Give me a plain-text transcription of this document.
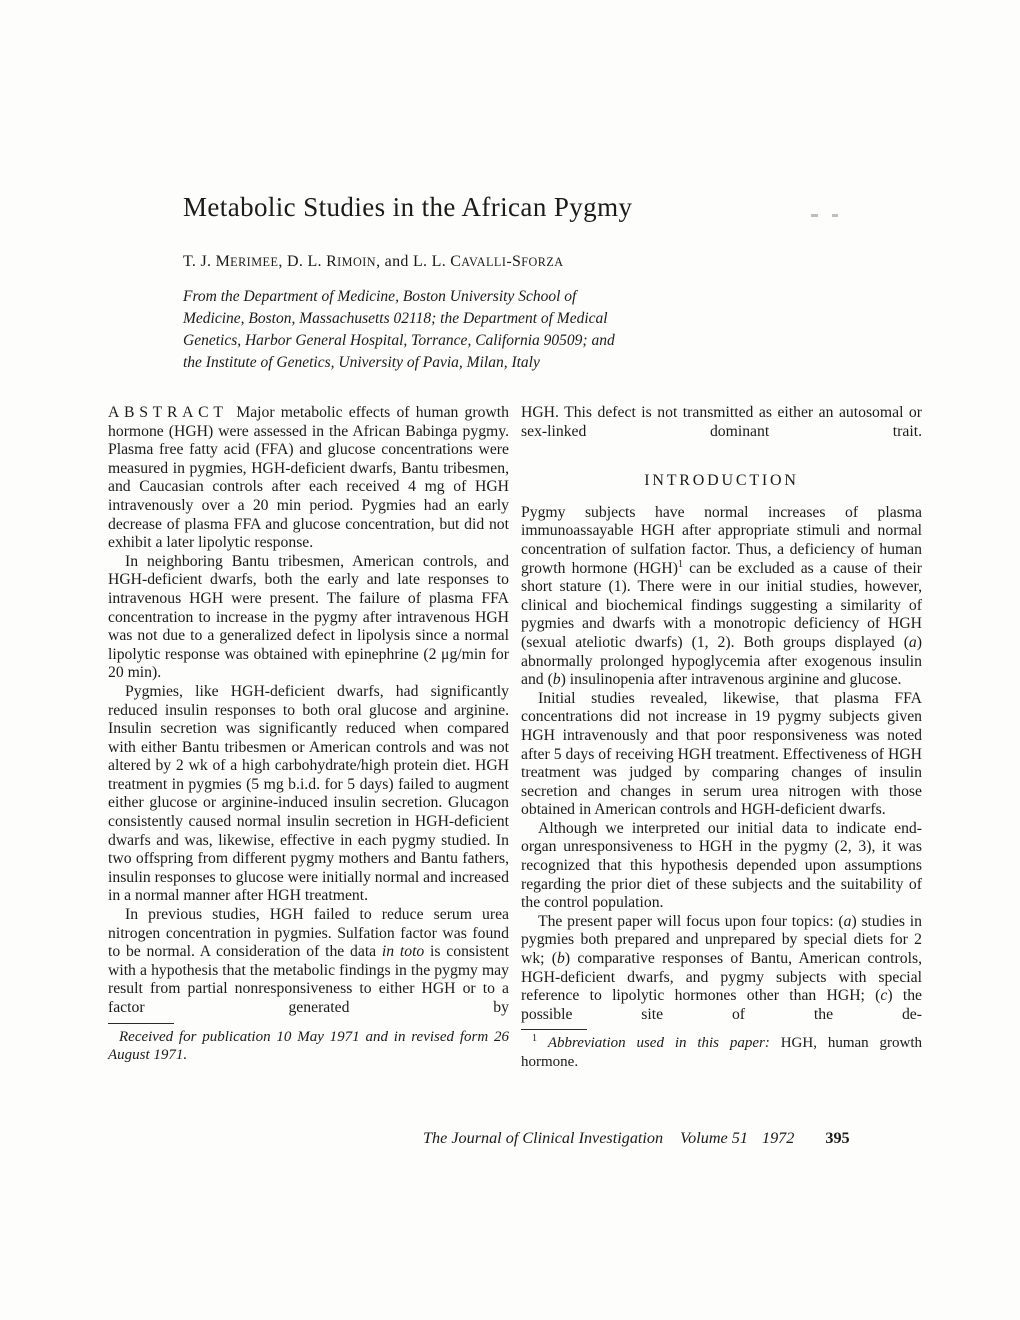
Metabolic Studies in the African Pygmy
T. J. MERIMEE, D. L. RIMOIN, and L. L. CAVALLI-SFORZA
From the Department of Medicine, Boston University School of Medicine, Boston, Massachusetts 02118; the Department of Medical Genetics, Harbor General Hospital, Torrance, California 90509; and the Institute of Genetics, University of Pavia, Milan, Italy

ABSTRACT Major metabolic effects of human growth hormone (HGH) were assessed in the African Babinga pygmy. Plasma free fatty acid (FFA) and glucose concentrations were measured in pygmies, HGH-deficient dwarfs, Bantu tribesmen, and Caucasian controls after each received 4 mg of HGH intravenously over a 20 min period. Pygmies had an early decrease of plasma FFA and glucose concentration, but did not exhibit a later lipolytic response.

In neighboring Bantu tribesmen, American controls, and HGH-deficient dwarfs, both the early and late responses to intravenous HGH were present. The failure of plasma FFA concentration to increase in the pygmy after intravenous HGH was not due to a generalized defect in lipolysis since a normal lipolytic response was obtained with epinephrine (2 μg/min for 20 min).

Pygmies, like HGH-deficient dwarfs, had significantly reduced insulin responses to both oral glucose and arginine. Insulin secretion was significantly reduced when compared with either Bantu tribesmen or American controls and was not altered by 2 wk of a high carbohydrate/high protein diet. HGH treatment in pygmies (5 mg b.i.d. for 5 days) failed to augment either glucose or arginine-induced insulin secretion. Glucagon consistently caused normal insulin secretion in HGH-deficient dwarfs and was, likewise, effective in each pygmy studied. In two offspring from different pygmy mothers and Bantu fathers, insulin responses to glucose were initially normal and increased in a normal manner after HGH treatment.

In previous studies, HGH failed to reduce serum urea nitrogen concentration in pygmies. Sulfation factor was found to be normal. A consideration of the data in toto is consistent with a hypothesis that the metabolic findings in the pygmy may result from partial nonresponsiveness to either HGH or to a factor generated by

Received for publication 10 May 1971 and in revised form 26 August 1971.

HGH. This defect is not transmitted as either an autosomal or sex-linked dominant trait.

INTRODUCTION

Pygmy subjects have normal increases of plasma immunoassayable HGH after appropriate stimuli and normal concentration of sulfation factor. Thus, a deficiency of human growth hormone (HGH)$^1$ can be excluded as a cause of their short stature (1). There were in our initial studies, however, clinical and biochemical findings suggesting a similarity of pygmies and dwarfs with a monotropic deficiency of HGH (sexual ateliotic dwarfs) (1, 2). Both groups displayed (a) abnormally prolonged hypoglycemia after exogenous insulin and (b) insulinopenia after intravenous arginine and glucose.

Initial studies revealed, likewise, that plasma FFA concentrations did not increase in 19 pygmy subjects given HGH intravenously and that poor responsiveness was noted after 5 days of receiving HGH treatment. Effectiveness of HGH treatment was judged by comparing changes of insulin secretion and changes in serum urea nitrogen with those obtained in American controls and HGH-deficient dwarfs.

Although we interpreted our initial data to indicate end-organ unresponsiveness to HGH in the pygmy (2, 3), it was recognized that this hypothesis depended upon assumptions regarding the prior diet of these subjects and the suitability of the control population.

The present paper will focus upon four topics: (a) studies in pygmies both prepared and unprepared by special diets for 2 wk; (b) comparative responses of Bantu, American controls, HGH-deficient dwarfs, and pygmy subjects with special reference to lipolytic hormones other than HGH; (c) the possible site of the de-

$^1$ Abbreviation used in this paper: HGH, human growth hormone.

The Journal of Clinical Investigation Volume 51 1972 395
